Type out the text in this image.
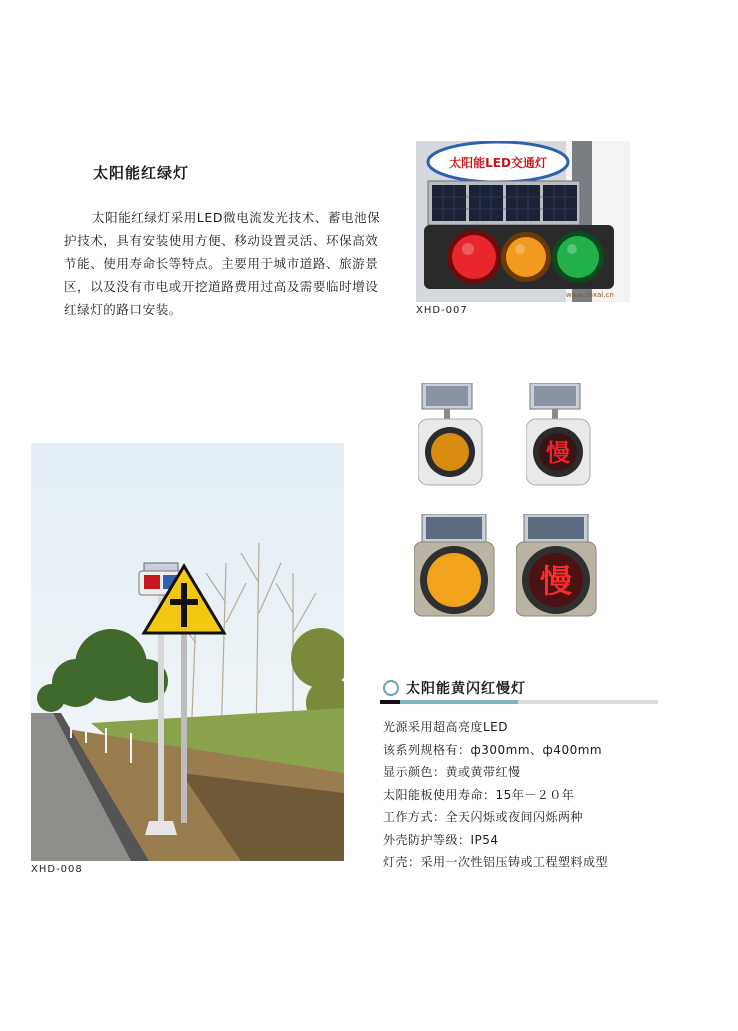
太阳能红绿灯

太阳能红绿灯采用LED微电流发光技术、蓄电池保护技术，具有安装使用方便、移动设置灵活、环保高效节能、使用寿命长等特点。主要用于城市道路、旅游景区，以及没有市电或开挖道路费用过高及需要临时增设红绿灯的路口安装。

太阳能LED交通灯
www.zbxal.cn
XHD-007
慢
慢
XHD-008
太阳能黄闪红慢灯
光源采用超高亮度LED
该系列规格有：ф300mm、ф400mm
显示颜色：黄或黄带红慢
太阳能板使用寿命：15年－２０年
工作方式：全天闪烁或夜间闪烁两种
外壳防护等级：IP54
灯壳：采用一次性铝压铸或工程塑料成型
